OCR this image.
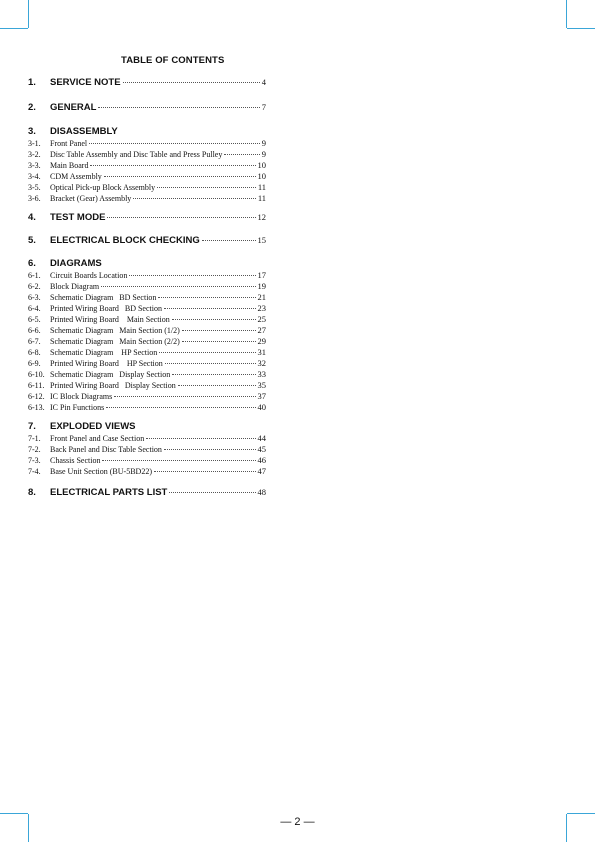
TABLE OF CONTENTS
1.	SERVICE NOTE	4
2.	GENERAL	7
3.	DISASSEMBLY
3-1.	Front Panel	9
3-2.	Disc Table Assembly and Disc Table and Press Pulley	9
3-3.	Main Board	10
3-4.	CDM Assembly	10
3-5.	Optical Pick-up Block Assembly	11
3-6.	Bracket (Gear) Assembly	11
4.	TEST MODE	12
5.	ELECTRICAL BLOCK CHECKING	15
6.	DIAGRAMS
6-1.	Circuit Boards Location	17
6-2.	Block Diagram	19
6-3.	Schematic Diagram   BD Section	21
6-4.	Printed Wiring Board   BD Section	23
6-5.	Printed Wiring Board    Main Section	25
6-6.	Schematic Diagram   Main Section (1/2)	27
6-7.	Schematic Diagram   Main Section (2/2)	29
6-8.	Schematic Diagram    HP Section	31
6-9.	Printed Wiring Board    HP Section	32
6-10. Schematic Diagram   Display Section	33
6-11. Printed Wiring Board   Display Section	35
6-12. IC Block Diagrams	37
6-13. IC Pin Functions	40
7.	EXPLODED VIEWS
7-1.	Front Panel and Case Section	44
7-2.	Back Panel and Disc Table Section	45
7-3.	Chassis Section	46
7-4.	Base Unit Section (BU-5BD22)	47
8.	ELECTRICAL PARTS LIST	48
— 2 —
